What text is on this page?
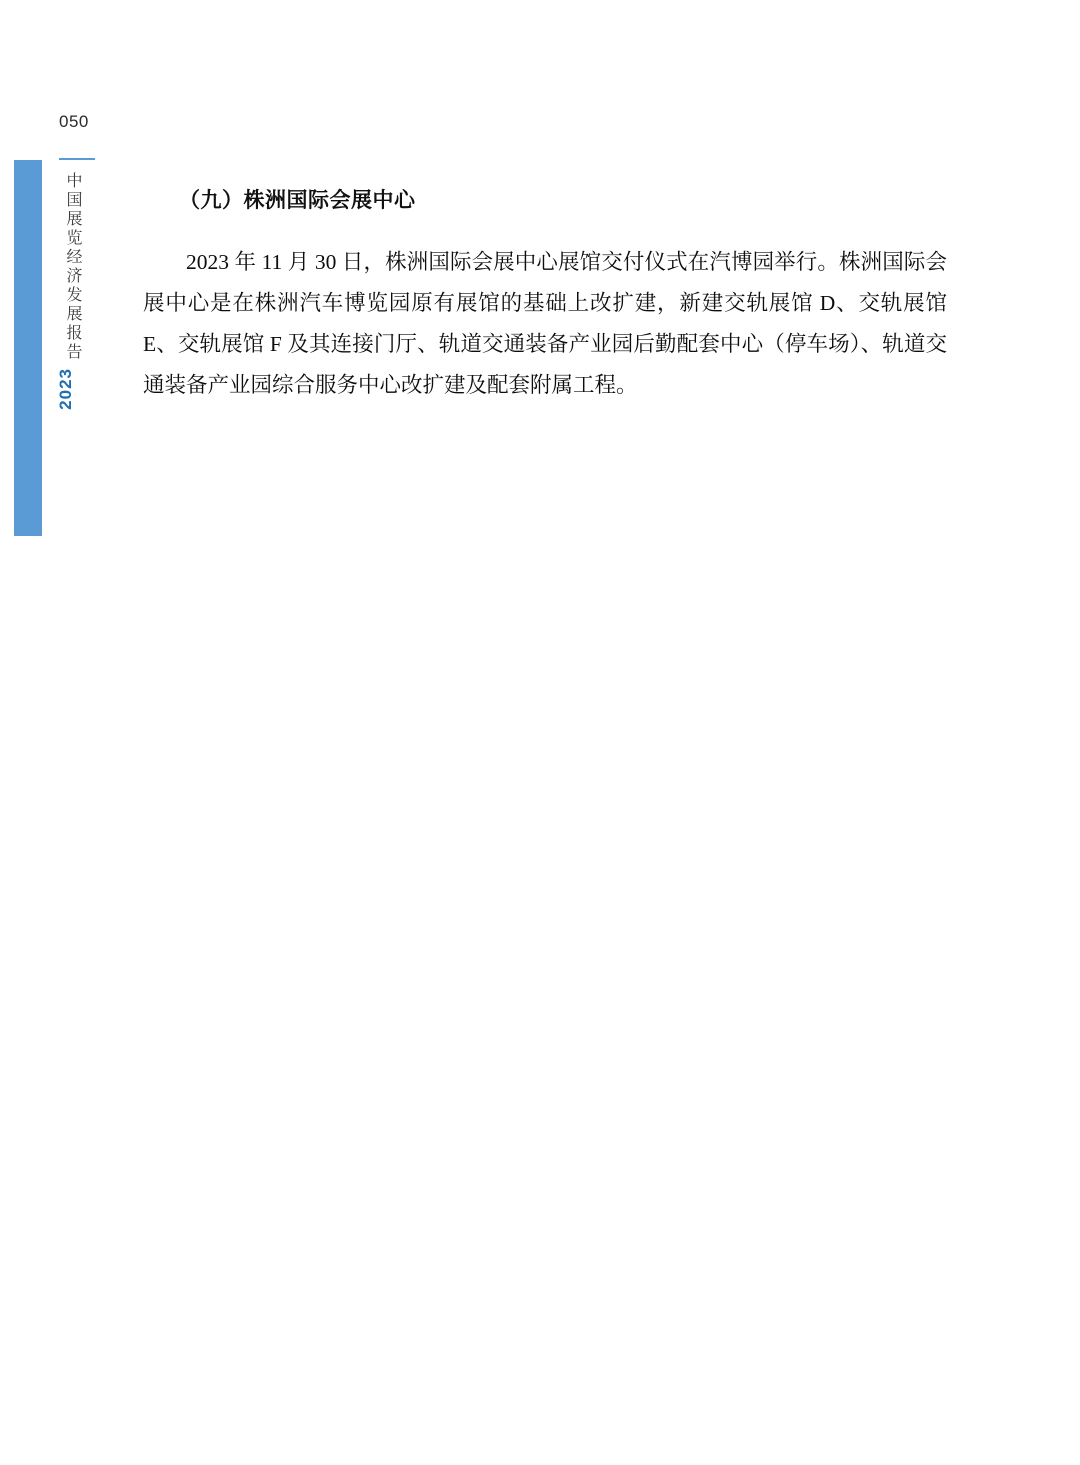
050
中国展览经济发展报告
2023
（九）株洲国际会展中心

2023 年 11 月 30 日，株洲国际会展中心展馆交付仪式在汽博园举行。株洲国际会展中心是在株洲汽车博览园原有展馆的基础上改扩建，新建交轨展馆 D、交轨展馆 E、交轨展馆 F 及其连接门厅、轨道交通装备产业园后勤配套中心（停车场）、轨道交通装备产业园综合服务中心改扩建及配套附属工程。
